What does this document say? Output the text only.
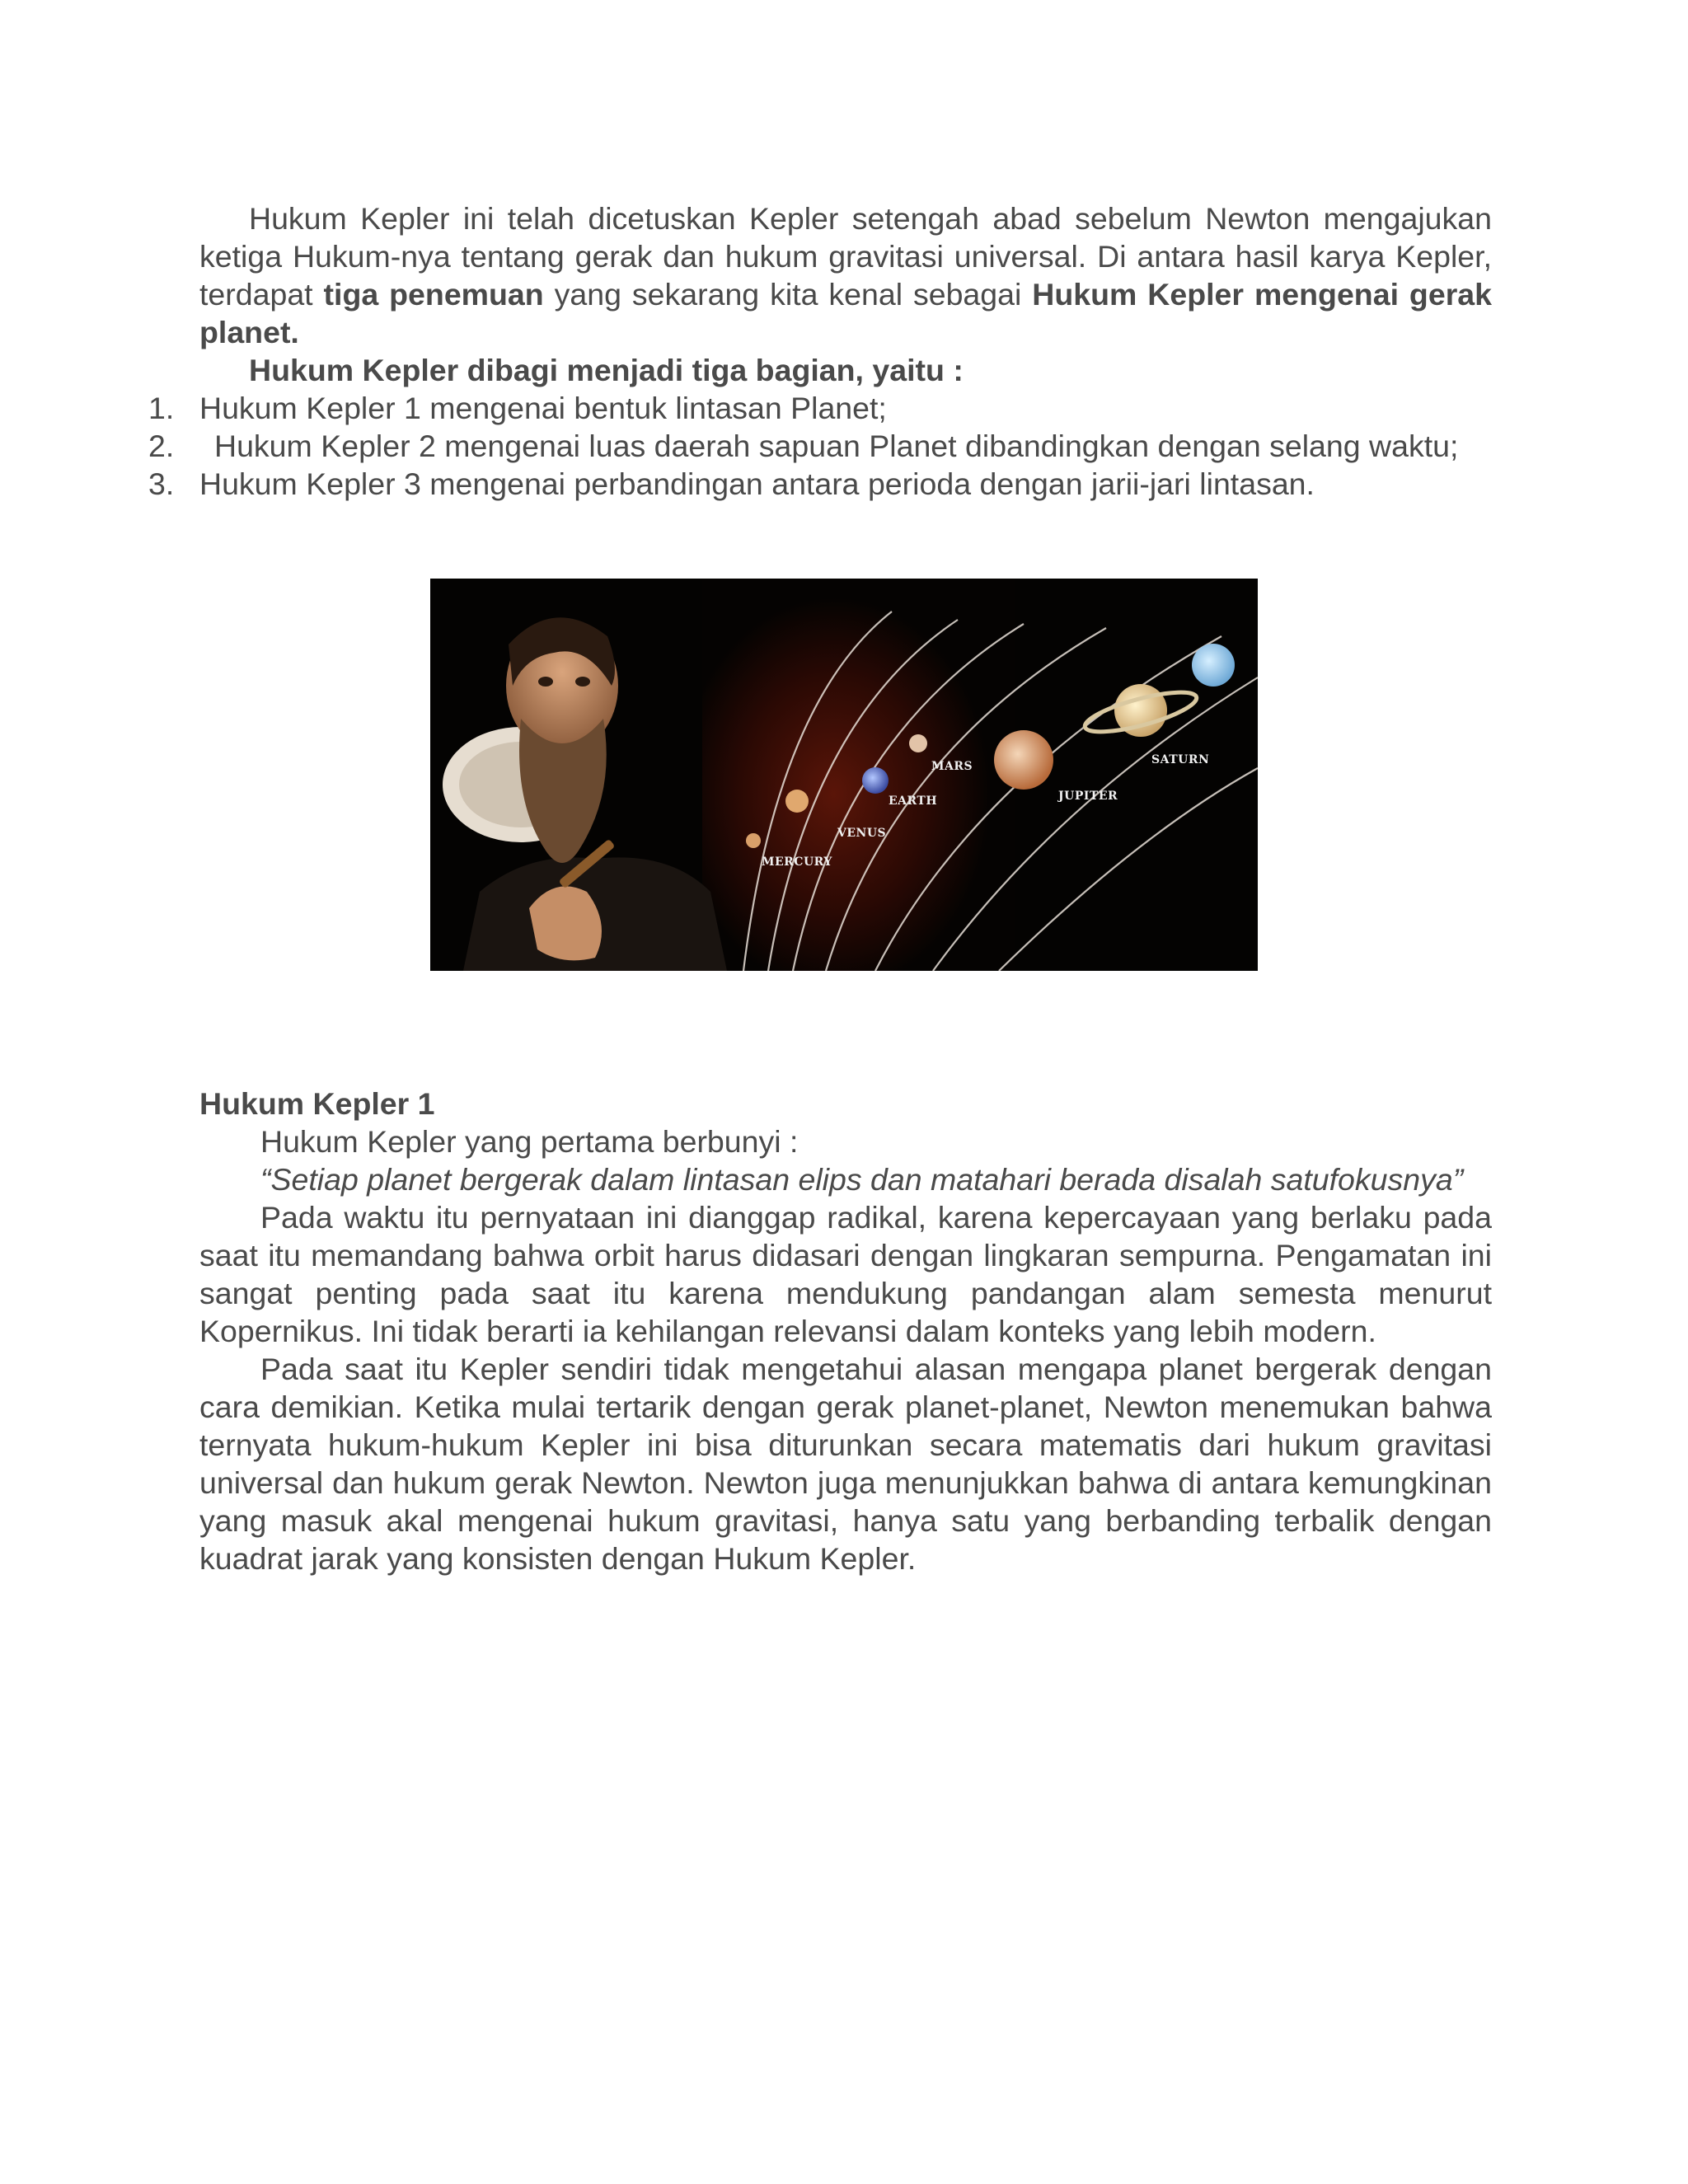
Hukum Kepler ini telah dicetuskan Kepler setengah abad sebelum Newton mengajukan ketiga Hukum-nya tentang gerak dan hukum gravitasi universal. Di antara hasil karya Kepler, terdapat tiga penemuan yang sekarang kita kenal sebagai Hukum Kepler mengenai gerak planet.

Hukum Kepler dibagi menjadi tiga bagian, yaitu :

1. Hukum Kepler 1 mengenai bentuk lintasan Planet;
2.	Hukum Kepler 2 mengenai luas daerah sapuan Planet dibandingkan dengan selang waktu;
3. Hukum Kepler 3 mengenai perbandingan antara perioda dengan jarii-jari lintasan.
MERCURY
VENUS
EARTH
MARS
JUPITER
SATURN
Hukum Kepler 1

Hukum Kepler yang pertama berbunyi :

“Setiap planet bergerak dalam lintasan elips dan matahari berada disalah satufokusnya”

Pada waktu itu pernyataan ini dianggap radikal, karena kepercayaan yang berlaku pada saat itu memandang bahwa orbit harus didasari dengan lingkaran sempurna. Pengamatan ini sangat penting pada saat itu karena mendukung pandangan alam semesta menurut Kopernikus. Ini tidak berarti ia kehilangan relevansi dalam konteks yang lebih modern.

Pada saat itu Kepler sendiri tidak mengetahui alasan mengapa planet bergerak dengan cara demikian. Ketika mulai tertarik dengan gerak planet-planet, Newton menemukan bahwa ternyata hukum-hukum Kepler ini bisa diturunkan secara matematis dari hukum gravitasi universal dan hukum gerak Newton. Newton juga menunjukkan bahwa di antara kemungkinan yang masuk akal mengenai hukum gravitasi, hanya satu yang berbanding terbalik dengan kuadrat jarak yang konsisten dengan Hukum Kepler.
